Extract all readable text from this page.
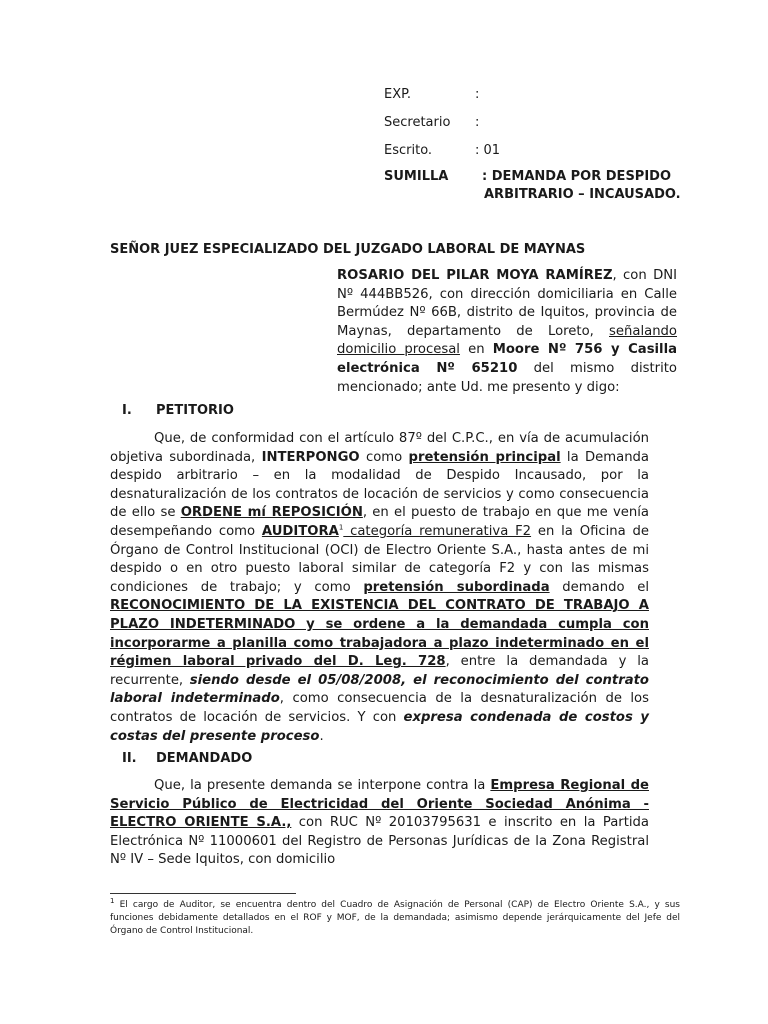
EXP.	:
Secretario :
Escrito.	: 01
SUMILLA	: DEMANDA POR DESPIDO
ARBITRARIO – INCAUSADO.
SEÑOR JUEZ ESPECIALIZADO DEL JUZGADO LABORAL DE MAYNAS
ROSARIO DEL PILAR MOYA RAMÍREZ, con DNI Nº 444BB526, con dirección domiciliaria en Calle Bermúdez Nº 66B, distrito de Iquitos, provincia de Maynas, departamento de Loreto, señalando domicilio procesal en Moore Nº 756 y Casilla electrónica Nº 65210 del mismo distrito mencionado; ante Ud. me presento y digo:
I. PETITORIO
Que, de conformidad con el artículo 87º del C.P.C., en vía de acumulación objetiva subordinada, INTERPONGO como pretensión principal la Demanda despido arbitrario – en la modalidad de Despido Incausado, por la desnaturalización de los contratos de locación de servicios y como consecuencia de ello se ORDENE mí REPOSICIÓN, en el puesto de trabajo en que me venía desempeñando como AUDITORA$^1$ categoría remunerativa F2 en la Oficina de Órgano de Control Institucional (OCI) de Electro Oriente S.A., hasta antes de mi despido o en otro puesto laboral similar de categoría F2 y con las mismas condiciones de trabajo; y como pretensión subordinada demando el RECONOCIMIENTO DE LA EXISTENCIA DEL CONTRATO DE TRABAJO A PLAZO INDETERMINADO y se ordene a la demandada cumpla con incorporarme a planilla como trabajadora a plazo indeterminado en el régimen laboral privado del D. Leg. 728, entre la demandada y la recurrente, siendo desde el 05/08/2008, el reconocimiento del contrato laboral indeterminado, como consecuencia de la desnaturalización de los contratos de locación de servicios. Y con expresa condenada de costos y costas del presente proceso.
II. DEMANDADO
Que, la presente demanda se interpone contra la Empresa Regional de Servicio Público de Electricidad del Oriente Sociedad Anónima - ELECTRO ORIENTE S.A., con RUC Nº 20103795631 e inscrito en la Partida Electrónica Nº 11000601 del Registro de Personas Jurídicas de la Zona Registral Nº IV – Sede Iquitos, con domicilio
$^1$ El cargo de Auditor, se encuentra dentro del Cuadro de Asignación de Personal (CAP) de Electro Oriente S.A., y sus funciones debidamente detallados en el ROF y MOF, de la demandada; asimismo depende jerárquicamente del Jefe del Órgano de Control Institucional.
